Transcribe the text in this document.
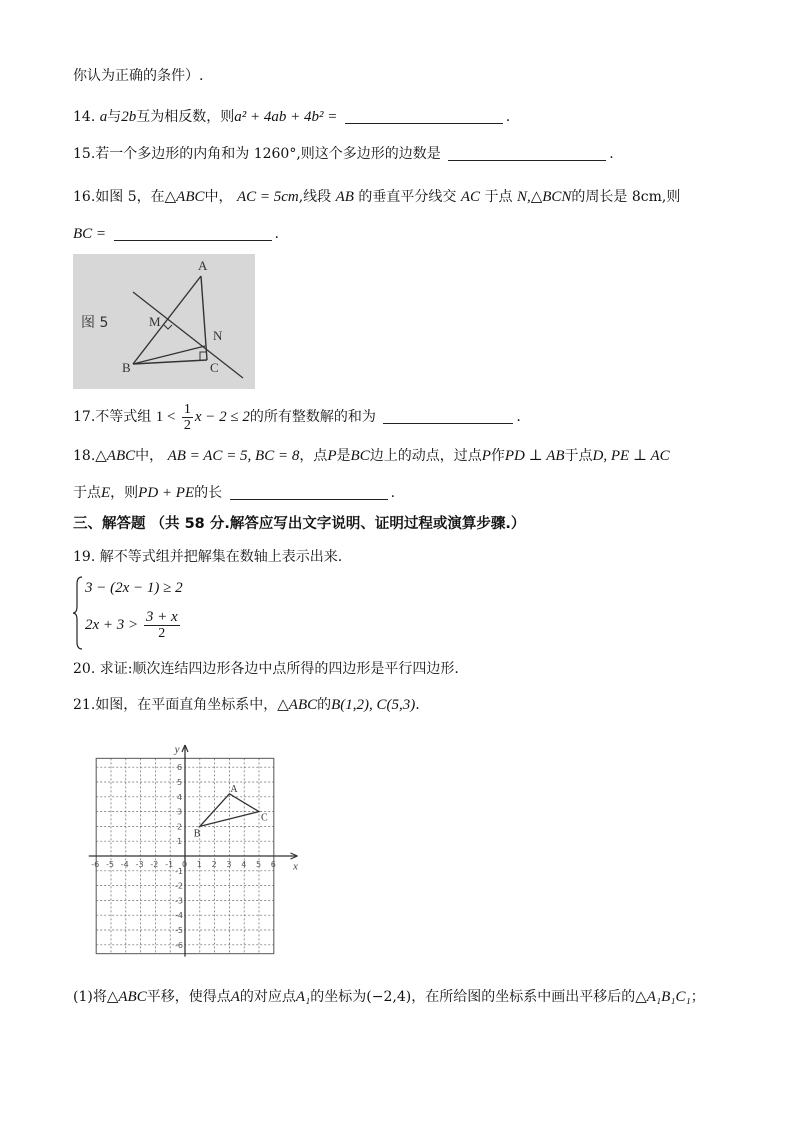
你认为正确的条件）.
14. a与2b互为相反数，则a² + 4ab + 4b² =	.
15.若一个多边形的内角和为 1260°,则这个多边形的边数是	.
16.如图 5，在△ABC中， AC = 5cm,线段 AB 的垂直平分线交 AC 于点 N,△BCN的周长是 8cm,则
BC =	.
图 5
A
B	C
M
N
17.不等式组 $1 < \frac{1}{2}$ x − 2 ≤ 2的所有整数解的和为	.
18.△ABC中， AB = AC = 5, BC = 8，点P是BC边上的动点，过点P作PD ⊥ AB于点D, PE ⊥ AC
于点E，则PD + PE的长	.
三、解答题 （共 58 分.解答应写出文字说明、证明过程或演算步骤.）
19. 解不等式组并把解集在数轴上表示出来.
3 − (2x − 1) ≥ 2
$2x + 3 > \frac{3 + x}{2}$
20. 求证:顺次连结四边形各边中点所得的四边形是平行四边形.
21.如图，在平面直角坐标系中，△ABC的B(1,2), C(5,3).
x
y
-6 -5 -4 -3 -2 -1 0 1 2 3 4 5 6
6
5
4
3
2
1
-1
-2
-3
-4
-5
-6
A
B
C
(1)将△ABC平移，使得点A的对应点A₁的坐标为(−2,4)，在所给图的坐标系中画出平移后的△A₁B₁C₁；
